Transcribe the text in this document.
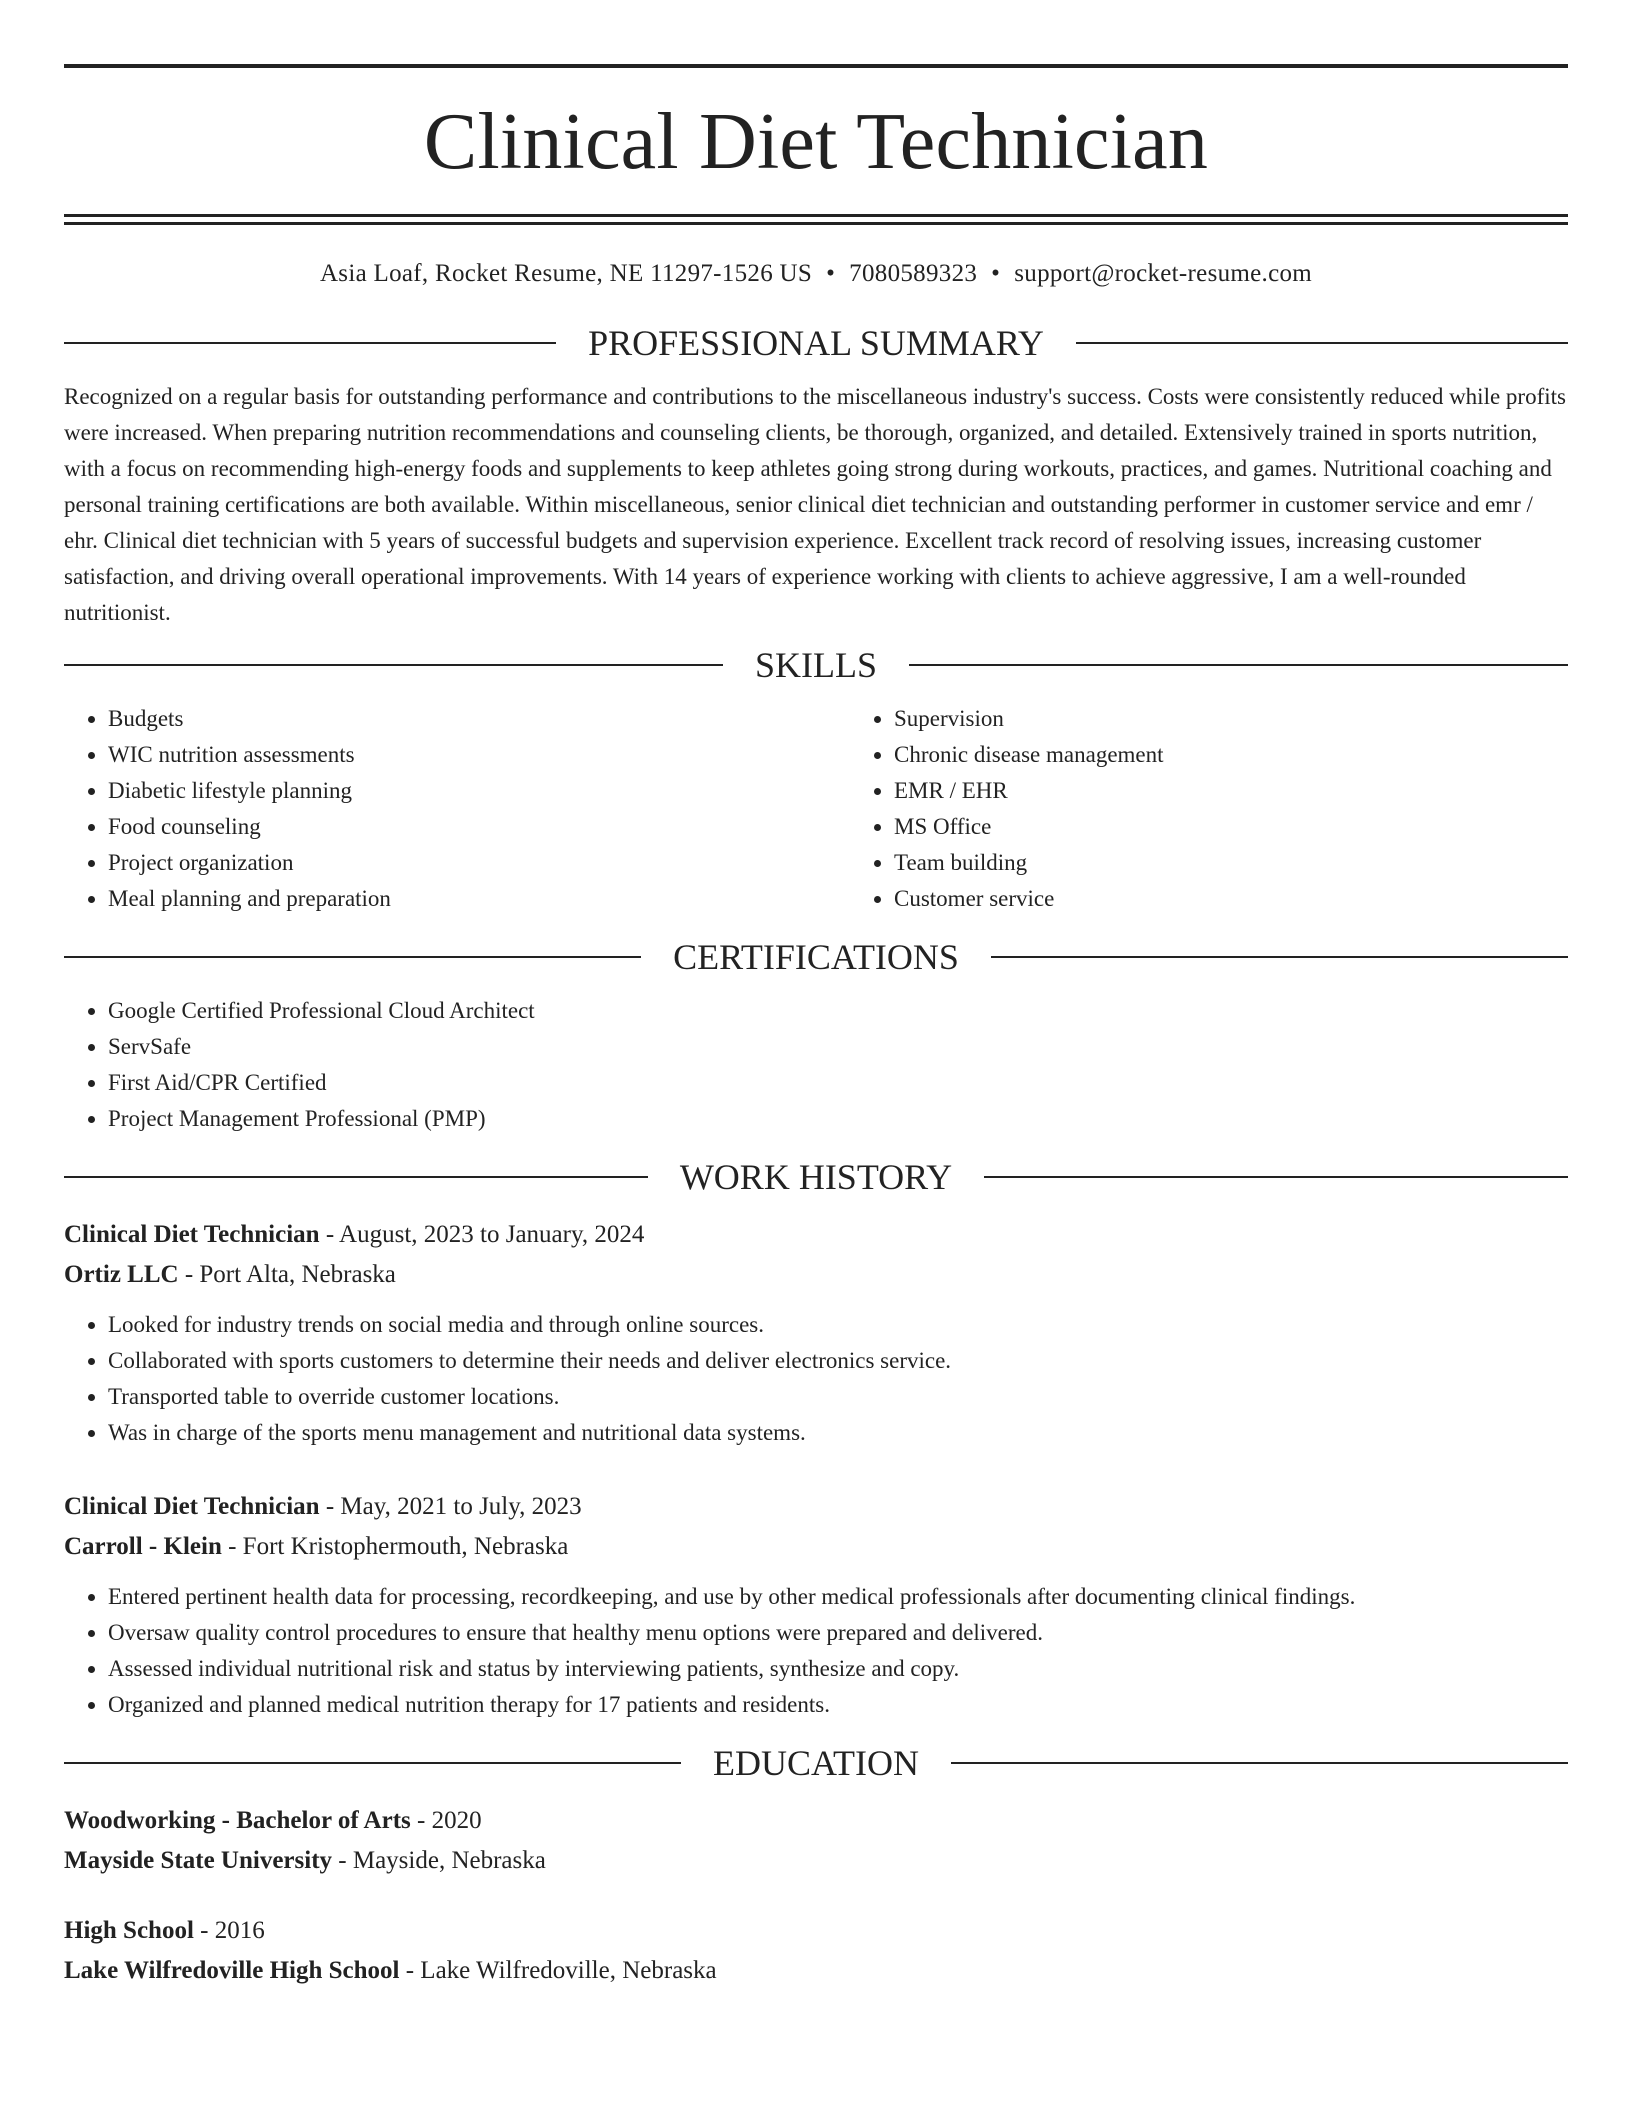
Clinical Diet Technician
Asia Loaf, Rocket Resume, NE 11297-1526 US • 7080589323 • support@rocket-resume.com
PROFESSIONAL SUMMARY

Recognized on a regular basis for outstanding performance and contributions to the miscellaneous industry's success. Costs were consistently reduced while profits were increased. When preparing nutrition recommendations and counseling clients, be thorough, organized, and detailed. Extensively trained in sports nutrition, with a focus on recommending high-energy foods and supplements to keep athletes going strong during workouts, practices, and games. Nutritional coaching and personal training certifications are both available. Within miscellaneous, senior clinical diet technician and outstanding performer in customer service and emr / ehr. Clinical diet technician with 5 years of successful budgets and supervision experience. Excellent track record of resolving issues, increasing customer satisfaction, and driving overall operational improvements. With 14 years of experience working with clients to achieve aggressive, I am a well-rounded nutritionist.

SKILLS
• Budgets
• WIC nutrition assessments
• Diabetic lifestyle planning
• Food counseling
• Project organization
• Meal planning and preparation
• Supervision
• Chronic disease management
• EMR / EHR
• MS Office
• Team building
• Customer service
CERTIFICATIONS
• Google Certified Professional Cloud Architect
• ServSafe
• First Aid/CPR Certified
• Project Management Professional (PMP)
WORK HISTORY
Clinical Diet Technician - August, 2023 to January, 2024
Ortiz LLC - Port Alta, Nebraska
• Looked for industry trends on social media and through online sources.
• Collaborated with sports customers to determine their needs and deliver electronics service.
• Transported table to override customer locations.
• Was in charge of the sports menu management and nutritional data systems.
Clinical Diet Technician - May, 2021 to July, 2023
Carroll - Klein - Fort Kristophermouth, Nebraska
• Entered pertinent health data for processing, recordkeeping, and use by other medical professionals after documenting clinical findings.
• Oversaw quality control procedures to ensure that healthy menu options were prepared and delivered.
• Assessed individual nutritional risk and status by interviewing patients, synthesize and copy.
• Organized and planned medical nutrition therapy for 17 patients and residents.
EDUCATION
Woodworking - Bachelor of Arts - 2020
Mayside State University - Mayside, Nebraska
High School - 2016
Lake Wilfredoville High School - Lake Wilfredoville, Nebraska
